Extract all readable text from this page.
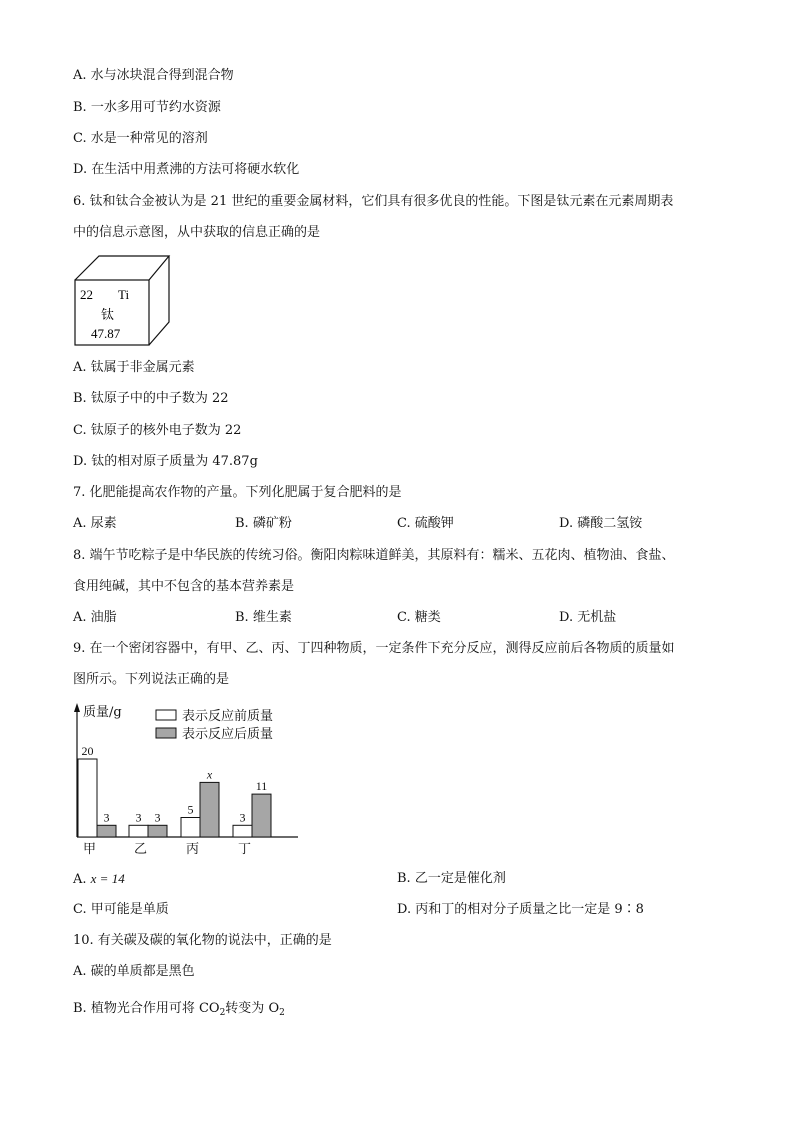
A. 水与冰块混合得到混合物
B. 一水多用可节约水资源
C. 水是一种常见的溶剂
D. 在生活中用煮沸的方法可将硬水软化
6. 钛和钛合金被认为是 21 世纪的重要金属材料，它们具有很多优良的性能。下图是钛元素在元素周期表
中的信息示意图，从中获取的信息正确的是
22 Ti
钛
47.87
A. 钛属于非金属元素
B. 钛原子中的中子数为 22
C. 钛原子的核外电子数为 22
D. 钛的相对原子质量为 47.87g
7. 化肥能提高农作物的产量。下列化肥属于复合肥料的是
A. 尿素	B. 磷矿粉	C. 硫酸钾	D. 磷酸二氢铵
8. 端午节吃粽子是中华民族的传统习俗。衡阳肉粽味道鲜美，其原料有：糯米、五花肉、植物油、食盐、
食用纯碱，其中不包含的基本营养素是
A. 油脂	B. 维生素	C. 糖类	D. 无机盐
9. 在一个密闭容器中，有甲、乙、丙、丁四种物质，一定条件下充分反应，测得反应前后各物质的质量如
图所示。下列说法正确的是
质量/g	表示反应前质量
表示反应后质量
20
3
甲
3 3
乙
5
x
丙
3
11
丁
A. x = 14	B. 乙一定是催化剂
C. 甲可能是单质	D. 丙和丁的相对分子质量之比一定是 9∶8
10. 有关碳及碳的氧化物的说法中，正确的是
A. 碳的单质都是黑色
B. 植物光合作用可将 $CO_2$转变为 $O_2$
